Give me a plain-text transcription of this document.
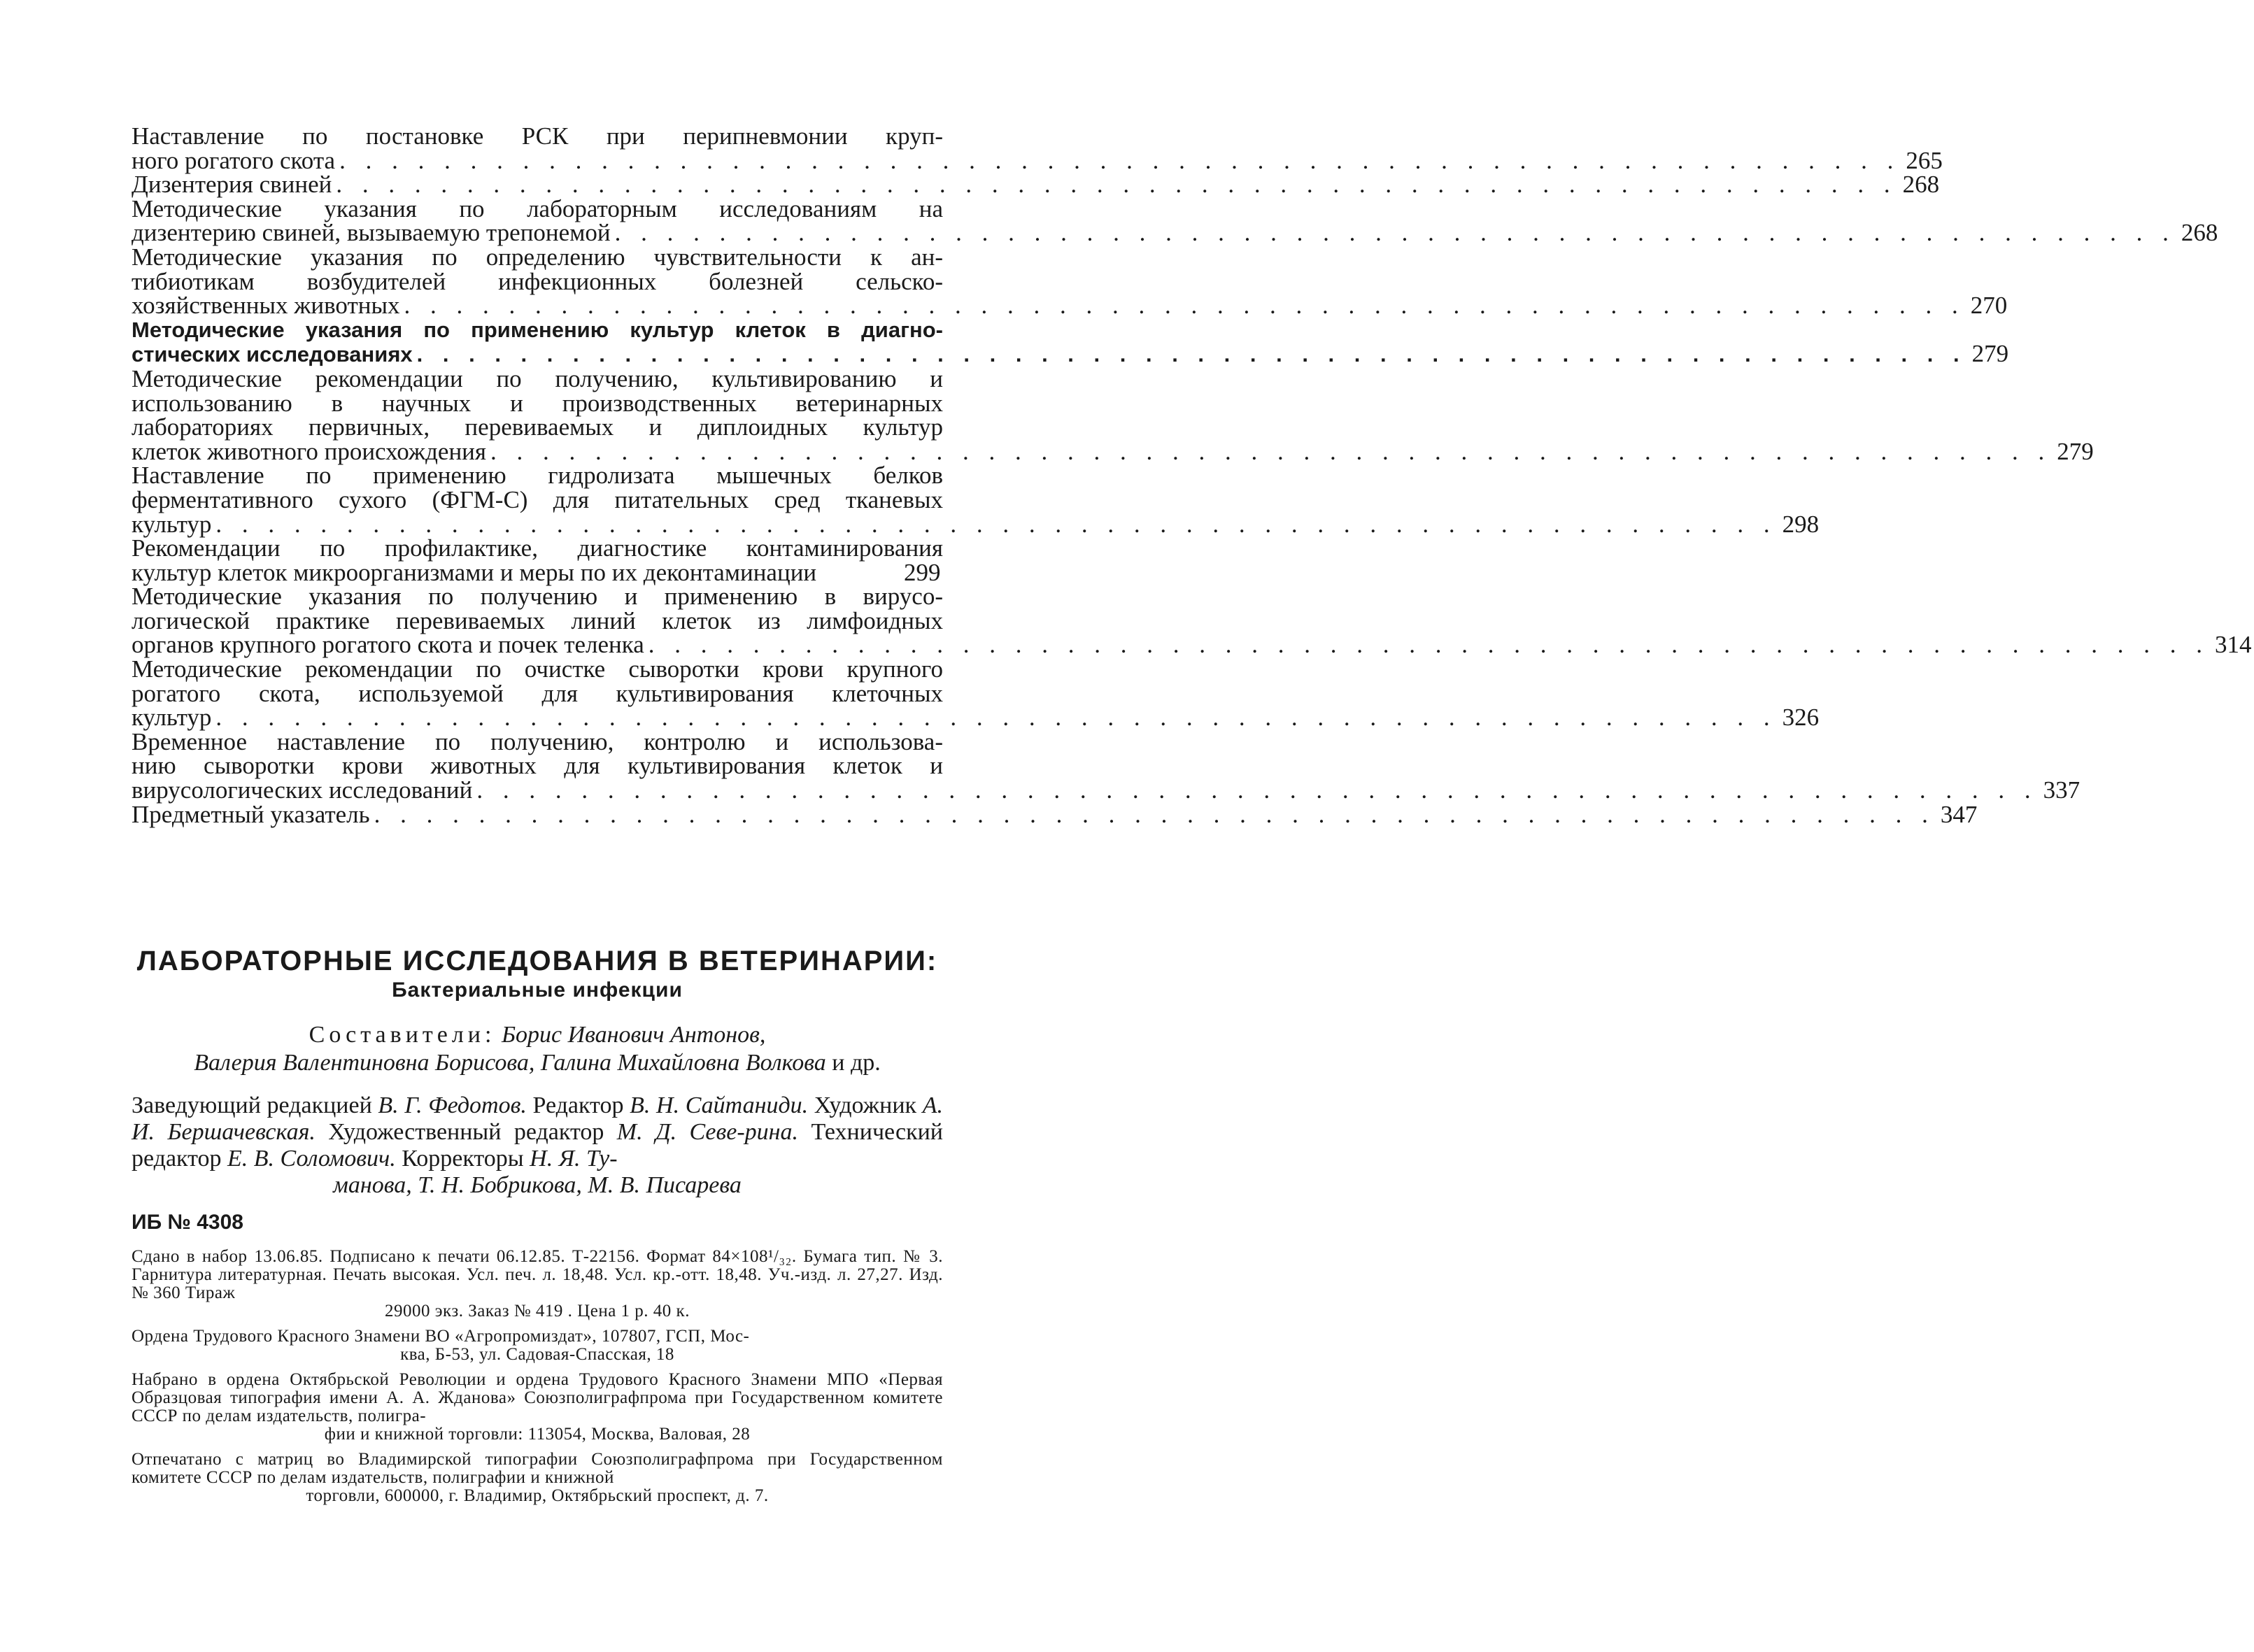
Наставление по постановке РСК при перипневмонии круп-
ного рогатого скота . . . . . . . . . . . . . . . . . . . . . . . . . . . . . . . . . . . . . . . . . . . . . . . . . . . . . . . . . . . . 265
Дизентерия свиней . . . . . . . . . . . . . . . . . . . . . . . . . . . . . . . . . . . . . . . . . . . . . . . . . . . . . . . . . . . . 268
Методические указания по лабораторным исследованиям на
дизентерию свиней, вызываемую трепонемой . . . . . . . . . . . . . . . . . . . . . . . . . . . . . . . . . . . . . . . . . . . . . . . . . . . . . . . . . . . . 268
Методические указания по определению чувствительности к ан-
тибиотикам возбудителей инфекционных болезней сельско-
хозяйственных животных . . . . . . . . . . . . . . . . . . . . . . . . . . . . . . . . . . . . . . . . . . . . . . . . . . . . . . . . . . . . 270
Методические указания по применению культур клеток в диагно-
стических исследованиях . . . . . . . . . . . . . . . . . . . . . . . . . . . . . . . . . . . . . . . . . . . . . . . . . . . . . . . . . . . . 279
Методические рекомендации по получению, культивированию и
использованию в научных и производственных ветеринарных
лабораториях первичных, перевиваемых и диплоидных культур
клеток животного происхождения . . . . . . . . . . . . . . . . . . . . . . . . . . . . . . . . . . . . . . . . . . . . . . . . . . . . . . . . . . . . 279
Наставление по применению гидролизата мышечных белков
ферментативного сухого (ФГМ-С) для питательных сред тканевых
культур . . . . . . . . . . . . . . . . . . . . . . . . . . . . . . . . . . . . . . . . . . . . . . . . . . . . . . . . . . . . 298
Рекомендации по профилактике, диагностике контаминирования
культур клеток микроорганизмами и меры по их деконтаминации	299
Методические указания по получению и применению в вирусо-
логической практике перевиваемых линий клеток из лимфоидных
органов крупного рогатого скота и почек теленка . . . . . . . . . . . . . . . . . . . . . . . . . . . . . . . . . . . . . . . . . . . . . . . . . . . . . . . . . . . . 314
Методические рекомендации по очистке сыворотки крови крупного
рогатого скота, используемой для культивирования клеточных
культур . . . . . . . . . . . . . . . . . . . . . . . . . . . . . . . . . . . . . . . . . . . . . . . . . . . . . . . . . . . . 326
Временное наставление по получению, контролю и использова-
нию сыворотки крови животных для культивирования клеток и
вирусологических исследований . . . . . . . . . . . . . . . . . . . . . . . . . . . . . . . . . . . . . . . . . . . . . . . . . . . . . . . . . . . . 337
Предметный указатель . . . . . . . . . . . . . . . . . . . . . . . . . . . . . . . . . . . . . . . . . . . . . . . . . . . . . . . . . . . . 347
ЛАБОРАТОРНЫЕ ИССЛЕДОВАНИЯ В ВЕТЕРИНАРИИ:
Бактериальные инфекции
Составители: Борис Иванович Антонов,
Валерия Валентиновна Борисова, Галина Михайловна Волкова и др.
Заведующий редакцией В. Г. Федотов. Редактор В. Н. Сайтаниди. Художник А. И. Бершачевская. Художественный редактор М. Д. Севе-рина. Технический редактор Е. В. Соломович. Корректоры Н. Я. Ту-
манова, Т. Н. Бобрикова, М. В. Писарева
ИБ № 4308

Сдано в набор 13.06.85. Подписано к печати 06.12.85. Т-22156. Формат 84×108¹/₃₂. Бумага тип. № 3. Гарнитура литературная. Печать высокая. Усл. печ. л. 18,48. Усл. кр.-отт. 18,48. Уч.-изд. л. 27,27. Изд. № 360 Тираж
29000 экз. Заказ № 419 . Цена 1 р. 40 к.

Ордена Трудового Красного Знамени ВО «Агропромиздат», 107807, ГСП, Мос-
ква, Б-53, ул. Садовая-Спасская, 18

Набрано в ордена Октябрьской Революции и ордена Трудового Красного Знамени МПО «Первая Образцовая типография имени А. А. Жданова» Союзполиграфпрома при Государственном комитете СССР по делам издательств, полигра-
фии и книжной торговли: 113054, Москва, Валовая, 28

Отпечатано с матриц во Владимирской типографии Союзполиграфпрома при Государственном комитете СССР по делам издательств, полиграфии и книжной
торговли, 600000, г. Владимир, Октябрьский проспект, д. 7.
